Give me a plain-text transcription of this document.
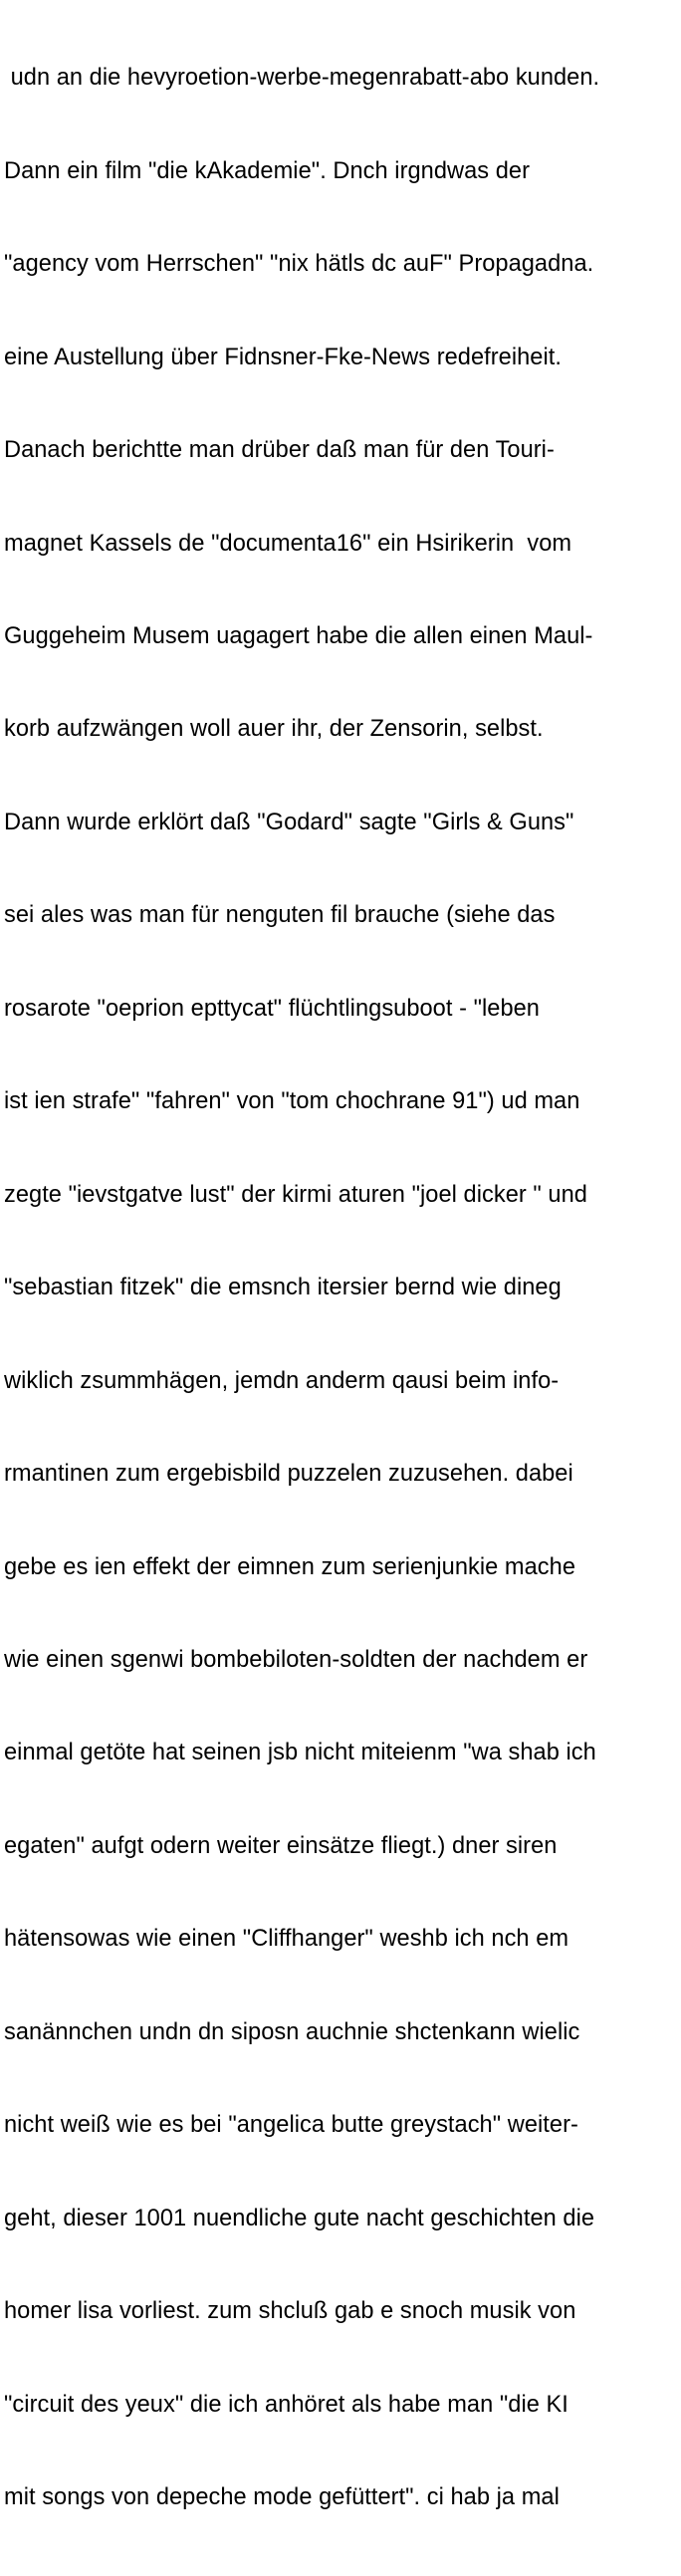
udn an die hevyroetion-werbe-megenrabatt-abo kunden.

Dann ein film "die kAkademie". Dnch irgndwas der

"agency vom Herrschen" "nix hätls dc auF" Propagadna.

eine Austellung über Fidnsner-Fke-News redefreiheit.

Danach berichtte man drüber daß man für den Touri-

magnet Kassels de "documenta16" ein Hsirikerin  vom

Guggeheim Musem uagagert habe die allen einen Maul-

korb aufzwängen woll auer ihr, der Zensorin, selbst.

Dann wurde erklört daß "Godard" sagte "Girls & Guns"

sei ales was man für nenguten fil brauche (siehe das

rosarote "oeprion epttycat" flüchtlingsuboot - "leben

ist ien strafe" "fahren" von "tom chochrane 91") ud man

zegte "ievstgatve lust" der kirmi aturen "joel dicker " und

"sebastian fitzek" die emsnch itersier bernd wie dineg

wiklich zsummhägen, jemdn anderm qausi beim info-

rmantinen zum ergebisbild puzzelen zuzusehen. dabei

gebe es ien effekt der eimnen zum serienjunkie mache

wie einen sgenwi bombebiloten-soldten der nachdem er

einmal getöte hat seinen jsb nicht miteienm "wa shab ich

egaten" aufgt odern weiter einsätze fliegt.) dner siren

hätensowas wie einen "Cliffhanger" weshb ich nch em

sanännchen undn dn siposn auchnie shctenkann wielic

nicht weiß wie es bei "angelica butte greystach" weiter-

geht, dieser 1001 nuendliche gute nacht geschichten die

homer lisa vorliest. zum shcluß gab e snoch musik von

"circuit des yeux" die ich anhöret als habe man "die KI

mit songs von depeche mode gefüttert". ci hab ja mal
